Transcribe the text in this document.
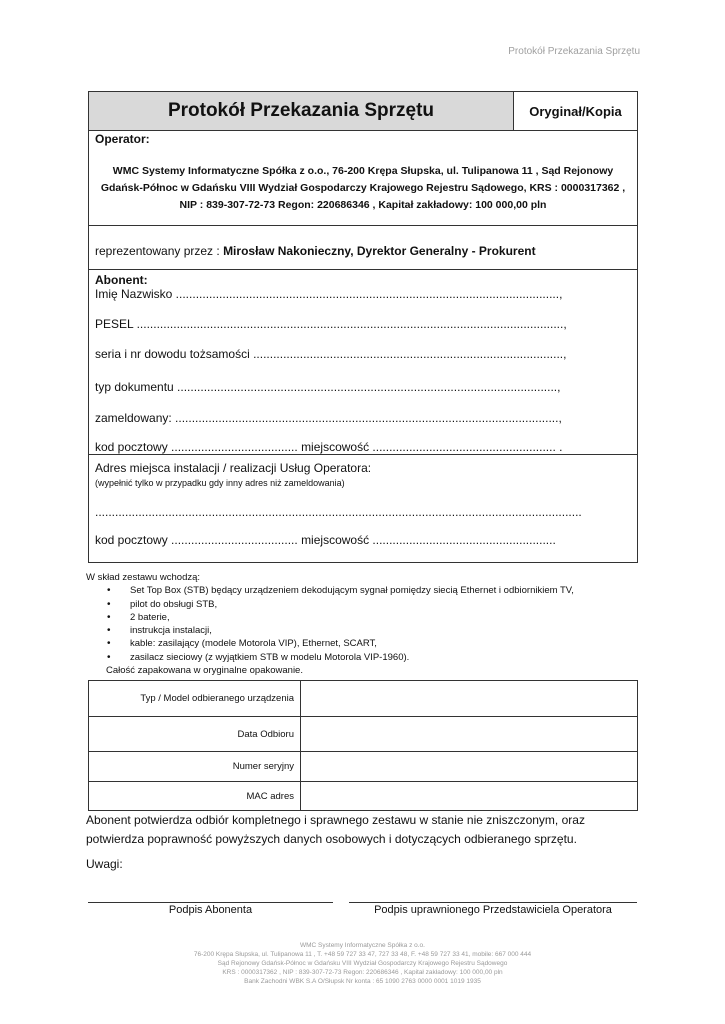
Protokół Przekazania Sprzętu
Protokół Przekazania Sprzętu	Oryginał/Kopia
Operator:
WMC Systemy Informatyczne Spółka z o.o., 76-200 Krępa Słupska, ul. Tulipanowa 11 , Sąd Rejonowy
Gdańsk-Północ w Gdańsku VIII Wydział Gospodarczy Krajowego Rejestru Sądowego, KRS : 0000317362 ,
NIP : 839-307-72-73 Regon: 220686346 , Kapitał zakładowy: 100 000,00 pln
reprezentowany przez : Mirosław Nakonieczny, Dyrektor Generalny - Prokurent
Abonent:
Imię Nazwisko ...................................................................................................................,
PESEL ................................................................................................................................,
seria i nr dowodu tożsamości .............................................................................................,
typ dokumentu ..................................................................................................................,
zameldowany: ...................................................................................................................,
kod pocztowy ...................................... miejscowość ....................................................... .
Adres miejsca instalacji / realizacji Usług Operatora:
(wypełnić tylko w przypadku gdy inny adres niż zameldowania)
..................................................................................................................................................
kod pocztowy ...................................... miejscowość .......................................................
W skład zestawu wchodzą:
• Set Top Box (STB) będący urządzeniem dekodującym sygnał pomiędzy siecią Ethernet i odbiornikiem TV,
• pilot do obsługi STB,
• 2 baterie,
• instrukcja instalacji,
• kable: zasilający (modele Motorola VIP), Ethernet, SCART,
• zasilacz sieciowy (z wyjątkiem STB w modelu Motorola VIP-1960).
Całość zapakowana w oryginalne opakowanie.
Typ / Model odbieranego urządzenia	
Data Odbioru	
Numer seryjny	
MAC adres	
Abonent potwierdza odbiór kompletnego i sprawnego zestawu w stanie nie zniszczonym, oraz
potwierdza poprawność powyższych danych osobowych i dotyczących odbieranego sprzętu.
Uwagi:
Podpis Abonenta	Podpis uprawnionego Przedstawiciela Operatora
WMC Systemy Informatyczne Spółka z o.o.
76-200 Krępa Słupska, ul. Tulipanowa 11 , T. +48 59 727 33 47, 727 33 48, F. +48 59 727 33 41, mobile: 667 000 444
Sąd Rejonowy Gdańsk-Północ w Gdańsku VIII Wydział Gospodarczy Krajowego Rejestru Sądowego
KRS : 0000317362 , NIP : 839-307-72-73 Regon: 220686346 , Kapitał zakładowy: 100 000,00 pln
Bank Zachodni WBK S.A O/Słupsk Nr konta : 65 1090 2763 0000 0001 1019 1935
